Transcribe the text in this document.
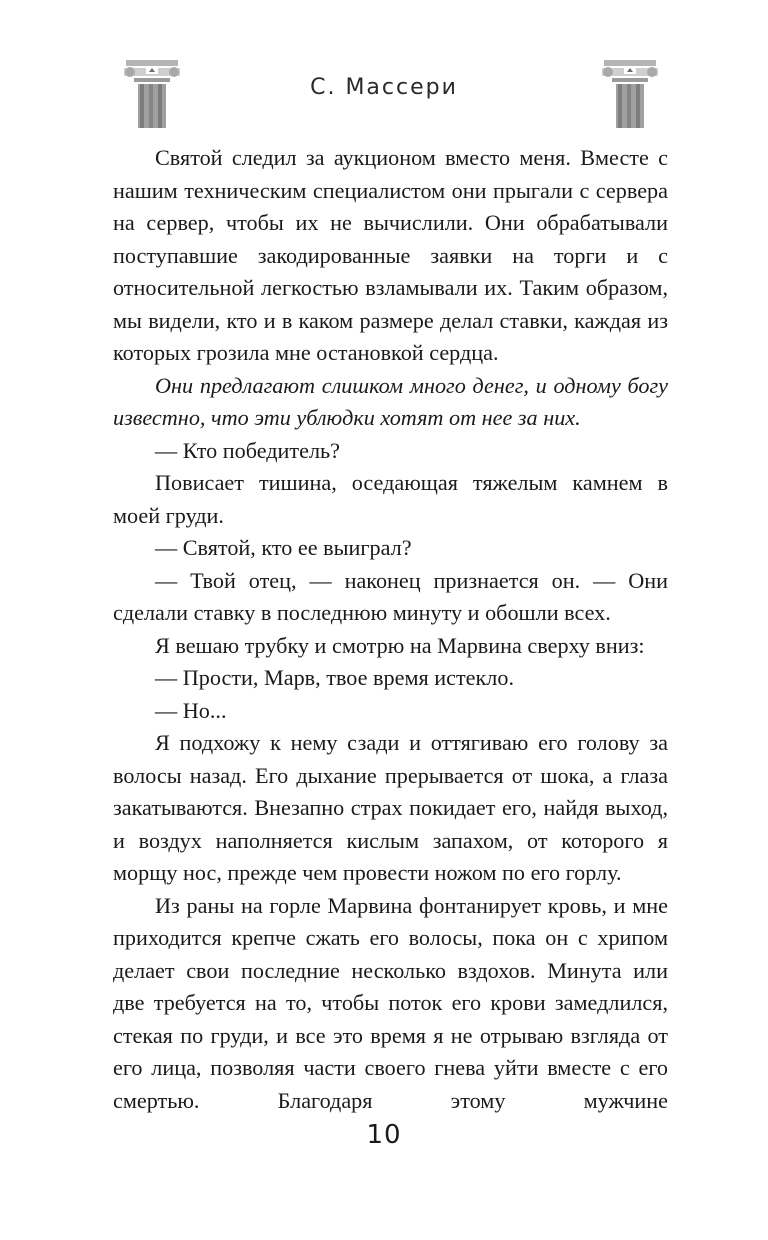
С. Массери

Святой следил за аукционом вместо меня. Вместе с нашим техническим специалистом они прыгали с сервера на сервер, чтобы их не вычислили. Они обрабатывали поступавшие закодированные заявки на торги и с относительной легкостью взламывали их. Таким образом, мы видели, кто и в каком размере делал ставки, каждая из которых грозила мне остановкой сердца.

Они предлагают слишком много денег, и одному богу известно, что эти ублюдки хотят от нее за них.

— Кто победитель?

Повисает тишина, оседающая тяжелым камнем в моей груди.

— Святой, кто ее выиграл?

— Твой отец, — наконец признается он. — Они сделали ставку в последнюю минуту и обошли всех.

Я вешаю трубку и смотрю на Марвина сверху вниз:

— Прости, Марв, твое время истекло.

— Но...

Я подхожу к нему сзади и оттягиваю его голову за волосы назад. Его дыхание прерывается от шока, а глаза закатываются. Внезапно страх покидает его, найдя выход, и воздух наполняется кислым запахом, от которого я морщу нос, прежде чем провести ножом по его горлу.

Из раны на горле Марвина фонтанирует кровь, и мне приходится крепче сжать его волосы, пока он с хрипом делает свои последние несколько вздохов. Минута или две требуется на то, чтобы поток его крови замедлился, стекая по груди, и все это время я не отрываю взгляда от его лица, позволяя части своего гнева уйти вместе с его смертью. Благодаря этому мужчине

10
